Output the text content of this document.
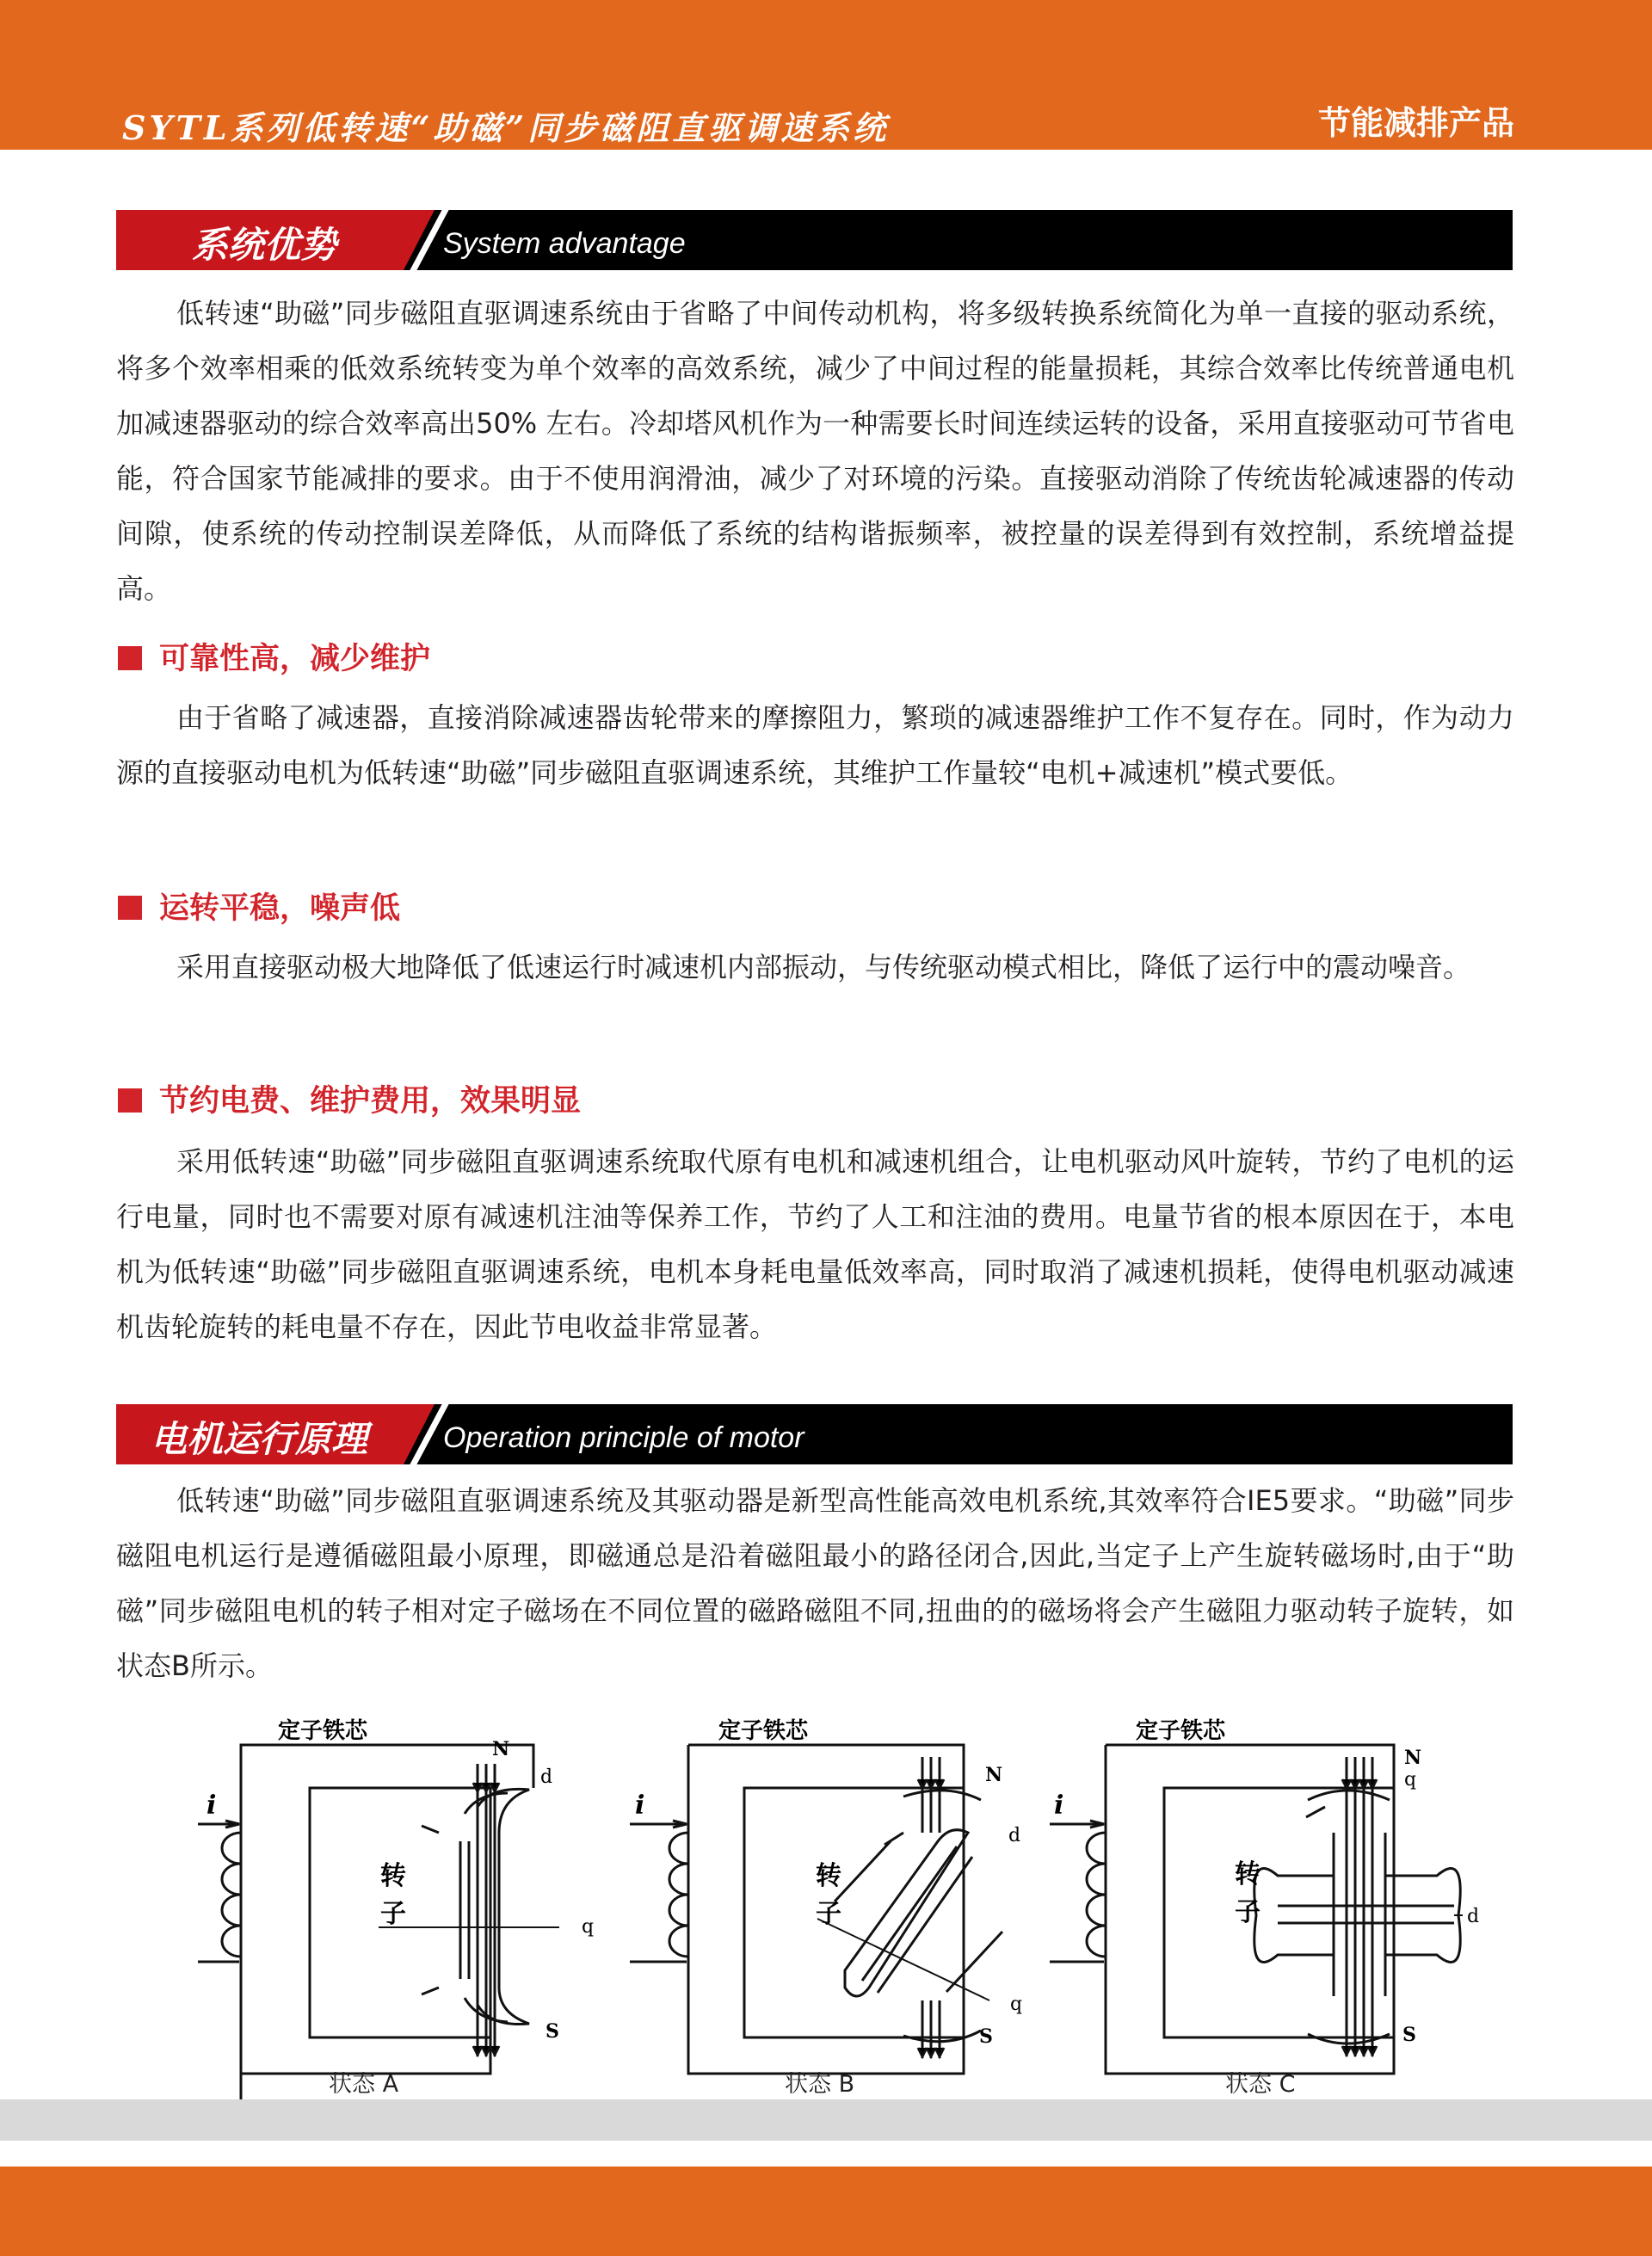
SYTL系列低转速“助磁”同步磁阻直驱调速系统	节能减排产品
系统优势	System advantage

低转速“助磁”同步磁阻直驱调速系统由于省略了中间传动机构，将多级转换系统简化为单一直接的驱动系统，将多个效率相乘的低效系统转变为单个效率的高效系统，减少了中间过程的能量损耗，其综合效率比传统普通电机加减速器驱动的综合效率高出50% 左右。冷却塔风机作为一种需要长时间连续运转的设备，采用直接驱动可节省电能，符合国家节能减排的要求。由于不使用润滑油，减少了对环境的污染。直接驱动消除了传统齿轮减速器的传动间隙，使系统的传动控制误差降低，从而降低了系统的结构谐振频率，被控量的误差得到有效控制，系统增益提高。

可靠性高，减少维护

由于省略了减速器，直接消除减速器齿轮带来的摩擦阻力，繁琐的减速器维护工作不复存在。同时，作为动力源的直接驱动电机为低转速“助磁”同步磁阻直驱调速系统，其维护工作量较“电机+减速机”模式要低。

运转平稳，噪声低

采用直接驱动极大地降低了低速运行时减速机内部振动，与传统驱动模式相比，降低了运行中的震动噪音。

节约电费、维护费用，效果明显

采用低转速“助磁”同步磁阻直驱调速系统取代原有电机和减速机组合，让电机驱动风叶旋转，节约了电机的运行电量，同时也不需要对原有减速机注油等保养工作，节约了人工和注油的费用。电量节省的根本原因在于，本电机为低转速“助磁”同步磁阻直驱调速系统，电机本身耗电量低效率高，同时取消了减速机损耗，使得电机驱动减速机齿轮旋转的耗电量不存在，因此节电收益非常显著。

电机运行原理	Operation principle of motor

低转速“助磁”同步磁阻直驱调速系统及其驱动器是新型高性能高效电机系统,其效率符合IE5要求。“助磁”同步磁阻电机运行是遵循磁阻最小原理，即磁通总是沿着磁阻最小的路径闭合,因此,当定子上产生旋转磁场时,由于“助磁”同步磁阻电机的转子相对定子磁场在不同位置的磁路磁阻不同,扭曲的的磁场将会产生磁阻力驱动转子旋转，如状态B所示。

定子铁芯
i
转
子
N
d
q
S
状态 A
定子铁芯
i
转
子
N
d
q
S
状态 B
定子铁芯
i
转
子
N
q
d
S
状态 C
